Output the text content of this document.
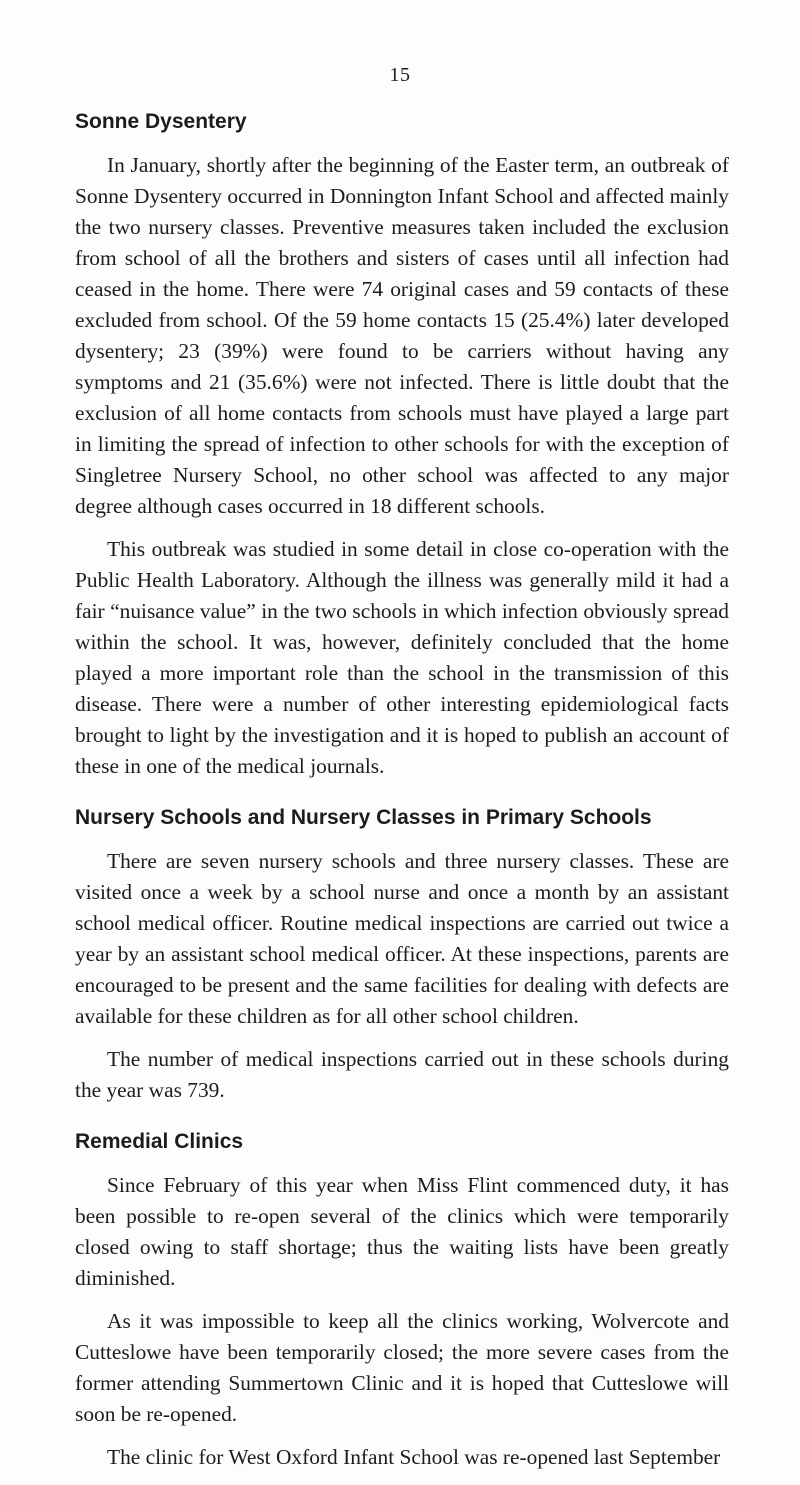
15
Sonne Dysentery

In January, shortly after the beginning of the Easter term, an outbreak of Sonne Dysentery occurred in Donnington Infant School and affected mainly the two nursery classes. Preventive measures taken included the exclusion from school of all the brothers and sisters of cases until all infection had ceased in the home. There were 74 original cases and 59 contacts of these excluded from school. Of the 59 home contacts 15 (25.4%) later developed dysentery; 23 (39%) were found to be carriers without having any symptoms and 21 (35.6%) were not infected. There is little doubt that the exclusion of all home contacts from schools must have played a large part in limiting the spread of infection to other schools for with the exception of Singletree Nursery School, no other school was affected to any major degree although cases occurred in 18 different schools.

This outbreak was studied in some detail in close co-operation with the Public Health Laboratory. Although the illness was generally mild it had a fair “nuisance value” in the two schools in which infection obviously spread within the school. It was, however, definitely concluded that the home played a more important role than the school in the transmission of this disease. There were a number of other interesting epidemiological facts brought to light by the investigation and it is hoped to publish an account of these in one of the medical journals.

Nursery Schools and Nursery Classes in Primary Schools

There are seven nursery schools and three nursery classes. These are visited once a week by a school nurse and once a month by an assistant school medical officer. Routine medical inspections are carried out twice a year by an assistant school medical officer. At these inspections, parents are encouraged to be present and the same facilities for dealing with defects are available for these children as for all other school children.

The number of medical inspections carried out in these schools during the year was 739.

Remedial Clinics

Since February of this year when Miss Flint commenced duty, it has been possible to re-open several of the clinics which were temporarily closed owing to staff shortage; thus the waiting lists have been greatly diminished.

As it was impossible to keep all the clinics working, Wolvercote and Cutteslowe have been temporarily closed; the more severe cases from the former attending Summertown Clinic and it is hoped that Cutteslowe will soon be re-opened.

The clinic for West Oxford Infant School was re-opened last September
